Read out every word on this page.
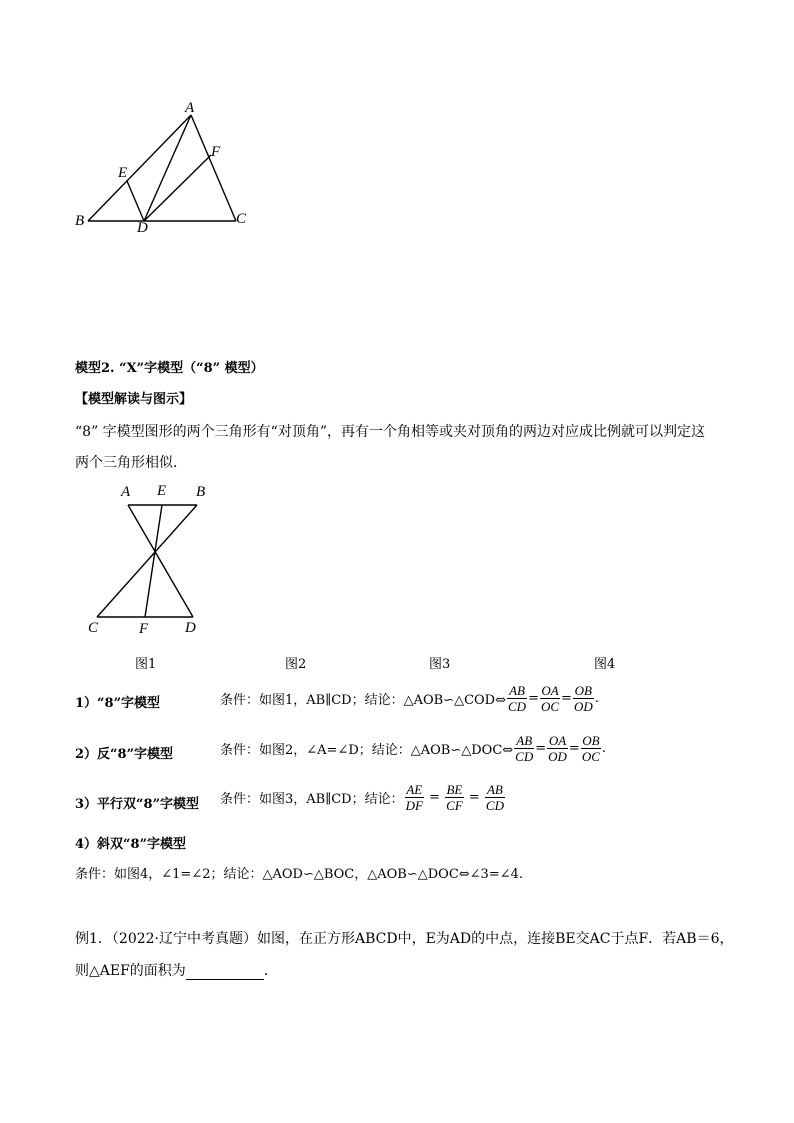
A
E
F
B	D
C
模型2. “X”字模型（“8” 模型）
【模型解读与图示】
“8” 字模型图形的两个三角形有“对顶角”，再有一个角相等或夹对顶角的两边对应成比例就可以判定这
两个三角形相似．
A E B
C	F D
图1	图2	图3	图4
1）“8”字模型	条件：如图1，AB∥CD；结论：△AOB∽△COD⇔ $\frac{AB}{CD} = \frac{OA}{OC} = \frac{OB}{OD}$ .
2）反“8”字模型	条件：如图2，∠A=∠D；结论：△AOB∽△DOC⇔ $\frac{AB}{CD} = \frac{OA}{OD} = \frac{OB}{OC}$ .
3）平行双“8”字模型 条件：如图3，AB∥CD；结论： $\frac{AE}{DF} = \frac{BE}{CF} = \frac{AB}{CD}$
4）斜双“8”字模型
条件：如图4，∠1=∠2；结论：△AOD∽△BOC，△AOB∽△DOC⇔∠3=∠4.
例1．（2022·辽宁中考真题）如图，在正方形ABCD中，E为AD的中点，连接BE交AC于点F．若AB＝6，
则△AEF的面积为	．
